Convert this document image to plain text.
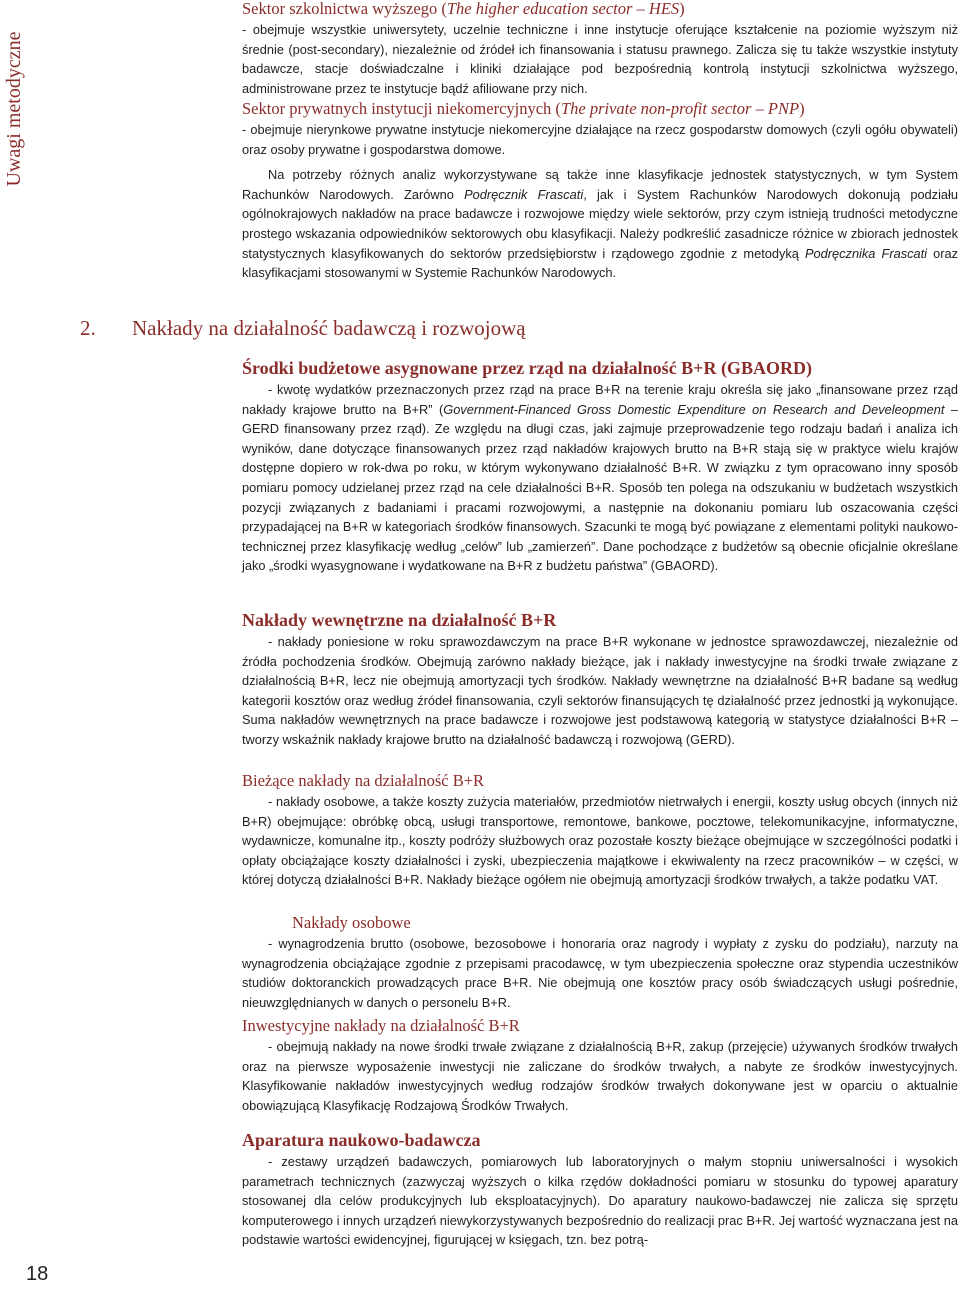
Uwagi metodyczne
18
2. Nakłady na działalność badawczą i rozwojową
Sektor szkolnictwa wyższego (The higher education sector – HES)

- obejmuje wszystkie uniwersytety, uczelnie techniczne i inne instytucje oferujące kształcenie na poziomie wyższym niż średnie (post-secondary), niezależnie od źródeł ich finansowania i statusu prawnego. Zalicza się tu także wszystkie instytuty badawcze, stacje doświadczalne i kliniki działające pod bezpośrednią kontrolą instytucji szkolnictwa wyższego, administrowane przez te instytucje bądź afiliowane przy nich.

Sektor prywatnych instytucji niekomercyjnych (The private non-profit sector – PNP)

- obejmuje nierynkowe prywatne instytucje niekomercyjne działające na rzecz gospodarstw domowych (czyli ogółu obywateli) oraz osoby prywatne i gospodarstwa domowe.

Na potrzeby różnych analiz wykorzystywane są także inne klasyfikacje jednostek statystycznych, w tym System Rachunków Narodowych. Zarówno Podręcznik Frascati, jak i System Rachunków Narodowych dokonują podziału ogólnokrajowych nakładów na prace badawcze i rozwojowe między wiele sektorów, przy czym istnieją trudności metodyczne prostego wskazania odpowiedników sektorowych obu klasyfikacji. Należy podkreślić zasadnicze różnice w zbiorach jednostek statystycznych klasyfikowanych do sektorów przedsiębiorstw i rządowego zgodnie z metodyką Podręcznika Frascati oraz klasyfikacjami stosowanymi w Systemie Rachunków Narodowych.

Środki budżetowe asygnowane przez rząd na działalność B+R (GBAORD)

- kwotę wydatków przeznaczonych przez rząd na prace B+R na terenie kraju określa się jako „finansowane przez rząd nakłady krajowe brutto na B+R” (Government-Financed Gross Domestic Expenditure on Research and Develeopment – GERD finansowany przez rząd). Ze względu na długi czas, jaki zajmuje przeprowadzenie tego rodzaju badań i analiza ich wyników, dane dotyczące finansowanych przez rząd nakładów krajowych brutto na B+R stają się w praktyce wielu krajów dostępne dopiero w rok-dwa po roku, w którym wykonywano działalność B+R. W związku z tym opracowano inny sposób pomiaru pomocy udzielanej przez rząd na cele działalności B+R. Sposób ten polega na odszukaniu w budżetach wszystkich pozycji związanych z badaniami i pracami rozwojowymi, a następnie na dokonaniu pomiaru lub oszacowania części przypadającej na B+R w kategoriach środków finansowych. Szacunki te mogą być powiązane z elementami polityki naukowo-technicznej przez klasyfikację według „celów” lub „zamierzeń”. Dane pochodzące z budżetów są obecnie oficjalnie określane jako „środki wyasygnowane i wydatkowane na B+R z budżetu państwa” (GBAORD).

Nakłady wewnętrzne na działalność B+R

- nakłady poniesione w roku sprawozdawczym na prace B+R wykonane w jednostce sprawozdawczej, niezależnie od źródła pochodzenia środków. Obejmują zarówno nakłady bieżące, jak i nakłady inwestycyjne na środki trwałe związane z działalnością B+R, lecz nie obejmują amortyzacji tych środków. Nakłady wewnętrzne na działalność B+R badane są według kategorii kosztów oraz według źródeł finansowania, czyli sektorów finansujących tę działalność przez jednostki ją wykonujące. Suma nakładów wewnętrznych na prace badawcze i rozwojowe jest podstawową kategorią w statystyce działalności B+R – tworzy wskaźnik nakłady krajowe brutto na działalność badawczą i rozwojową (GERD).

Bieżące nakłady na działalność B+R

- nakłady osobowe, a także koszty zużycia materiałów, przedmiotów nietrwałych i energii, koszty usług obcych (innych niż B+R) obejmujące: obróbkę obcą, usługi transportowe, remontowe, bankowe, pocztowe, telekomunikacyjne, informatyczne, wydawnicze, komunalne itp., koszty podróży służbowych oraz pozostałe koszty bieżące obejmujące w szczególności podatki i opłaty obciążające koszty działalności i zyski, ubezpieczenia majątkowe i ekwiwalenty na rzecz pracowników – w części, w której dotyczą działalności B+R. Nakłady bieżące ogółem nie obejmują amortyzacji środków trwałych, a także podatku VAT.

Nakłady osobowe

- wynagrodzenia brutto (osobowe, bezosobowe i honoraria oraz nagrody i wypłaty z zysku do podziału), narzuty na wynagrodzenia obciążające zgodnie z przepisami pracodawcę, w tym ubezpieczenia społeczne oraz stypendia uczestników studiów doktoranckich prowadzących prace B+R. Nie obejmują one kosztów pracy osób świadczących usługi pośrednie, nieuwzględnianych w danych o personelu B+R.

Inwestycyjne nakłady na działalność B+R

- obejmują nakłady na nowe środki trwałe związane z działalnością B+R, zakup (przejęcie) używanych środków trwałych oraz na pierwsze wyposażenie inwestycji nie zaliczane do środków trwałych, a nabyte ze środków inwestycyjnych. Klasyfikowanie nakładów inwestycyjnych według rodzajów środków trwałych dokonywane jest w oparciu o aktualnie obowiązującą Klasyfikację Rodzajową Środków Trwałych.

Aparatura naukowo-badawcza

- zestawy urządzeń badawczych, pomiarowych lub laboratoryjnych o małym stopniu uniwersalności i wysokich parametrach technicznych (zazwyczaj wyższych o kilka rzędów dokładności pomiaru w stosunku do typowej aparatury stosowanej dla celów produkcyjnych lub eksploatacyjnych). Do aparatury naukowo-badawczej nie zalicza się sprzętu komputerowego i innych urządzeń niewykorzystywanych bezpośrednio do realizacji prac B+R. Jej wartość wyznaczana jest na podstawie wartości ewidencyjnej, figurującej w księgach, tzn. bez potrą-
